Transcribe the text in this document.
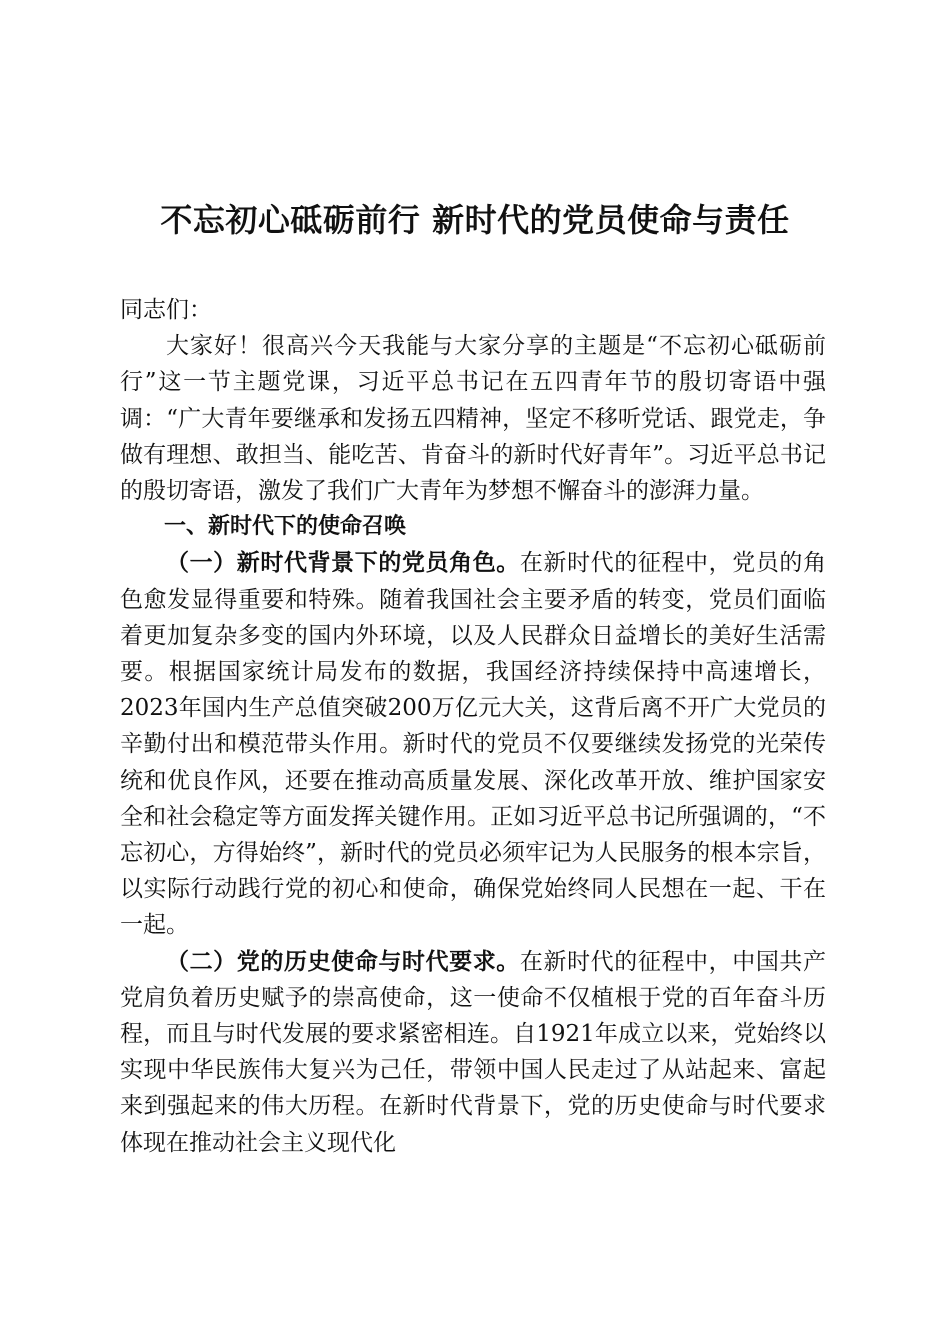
不忘初心砥砺前行 新时代的党员使命与责任

同志们：

大家好！很高兴今天我能与大家分享的主题是“不忘初心砥砺前行”这一节主题党课，习近平总书记在五四青年节的殷切寄语中强调：“广大青年要继承和发扬五四精神，坚定不移听党话、跟党走，争做有理想、敢担当、能吃苦、肯奋斗的新时代好青年”。习近平总书记的殷切寄语，激发了我们广大青年为梦想不懈奋斗的澎湃力量。

一、新时代下的使命召唤

（一）新时代背景下的党员角色。在新时代的征程中，党员的角色愈发显得重要和特殊。随着我国社会主要矛盾的转变，党员们面临着更加复杂多变的国内外环境，以及人民群众日益增长的美好生活需要。根据国家统计局发布的数据，我国经济持续保持中高速增长，2023年国内生产总值突破200万亿元大关，这背后离不开广大党员的辛勤付出和模范带头作用。新时代的党员不仅要继续发扬党的光荣传统和优良作风，还要在推动高质量发展、深化改革开放、维护国家安全和社会稳定等方面发挥关键作用。正如习近平总书记所强调的，“不忘初心，方得始终”，新时代的党员必须牢记为人民服务的根本宗旨，以实际行动践行党的初心和使命，确保党始终同人民想在一起、干在一起。

（二）党的历史使命与时代要求。在新时代的征程中，中国共产党肩负着历史赋予的崇高使命，这一使命不仅植根于党的百年奋斗历程，而且与时代发展的要求紧密相连。自1921年成立以来，党始终以实现中华民族伟大复兴为己任，带领中国人民走过了从站起来、富起来到强起来的伟大历程。在新时代背景下，党的历史使命与时代要求体现在推动社会主义现代化
